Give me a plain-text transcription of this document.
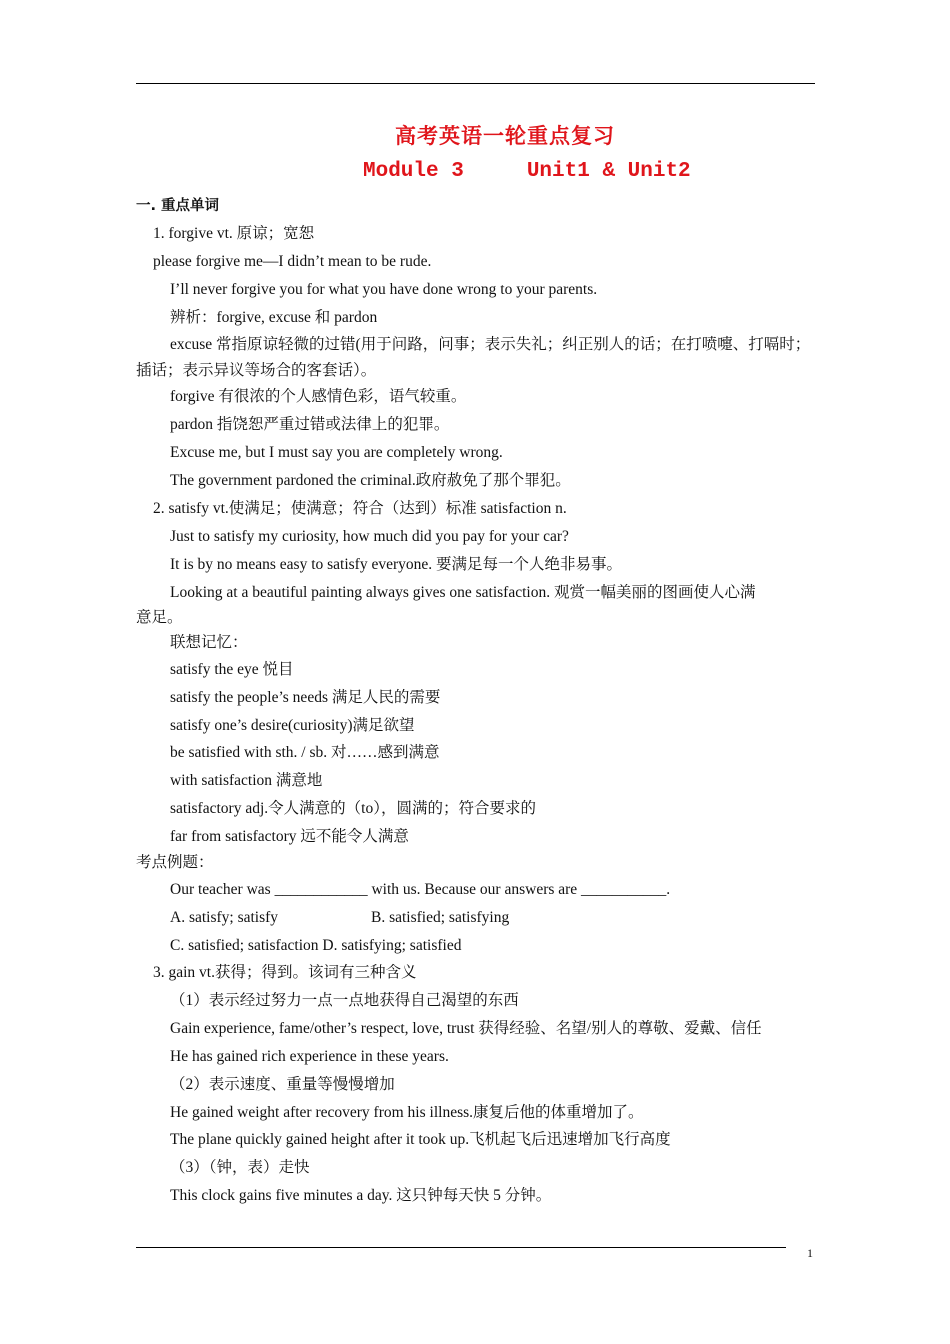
高考英语一轮重点复习
Module 3     Unit1 & Unit2
一. 重点单词
1. forgive vt. 原谅；宽恕
please forgive me—I didn’t mean to be rude.
I’ll never forgive you for what you have done wrong to your parents.
辨析：forgive, excuse 和 pardon
excuse 常指原谅轻微的过错(用于问路，问事；表示失礼；纠正别人的话；在打喷嚏、打嗝时；
插话；表示异议等场合的客套话）。
forgive 有很浓的个人感情色彩，语气较重。
pardon 指饶恕严重过错或法律上的犯罪。
Excuse me, but I must say you are completely wrong.
The government pardoned the criminal.政府赦免了那个罪犯。
2. satisfy vt.使满足；使满意；符合（达到）标准 satisfaction n.
Just to satisfy my curiosity, how much did you pay for your car?
It is by no means easy to satisfy everyone. 要满足每一个人绝非易事。
Looking at a beautiful painting always gives one satisfaction. 观赏一幅美丽的图画使人心满
意足。
联想记忆：
satisfy the eye 悦目
satisfy the people’s needs 满足人民的需要
satisfy one’s desire(curiosity)满足欲望
be satisfied with sth. / sb. 对……感到满意
with satisfaction 满意地
satisfactory adj.令人满意的（to），圆满的；符合要求的
far from satisfactory 远不能令人满意
考点例题：
Our teacher was ____________ with us. Because our answers are ___________.
A. satisfy; satisfy	B. satisfied; satisfying
C. satisfied; satisfaction D. satisfying; satisfied
3. gain vt.获得；得到。该词有三种含义
（1）表示经过努力一点一点地获得自己渴望的东西
Gain experience, fame/other’s respect, love, trust 获得经验、名望/别人的尊敬、爱戴、信任
He has gained rich experience in these years.
（2）表示速度、重量等慢慢增加
He gained weight after recovery from his illness.康复后他的体重增加了。
The plane quickly gained height after it took up.飞机起飞后迅速增加飞行高度
（3）（钟，表）走快
This clock gains five minutes a day. 这只钟每天快 5 分钟。
1
